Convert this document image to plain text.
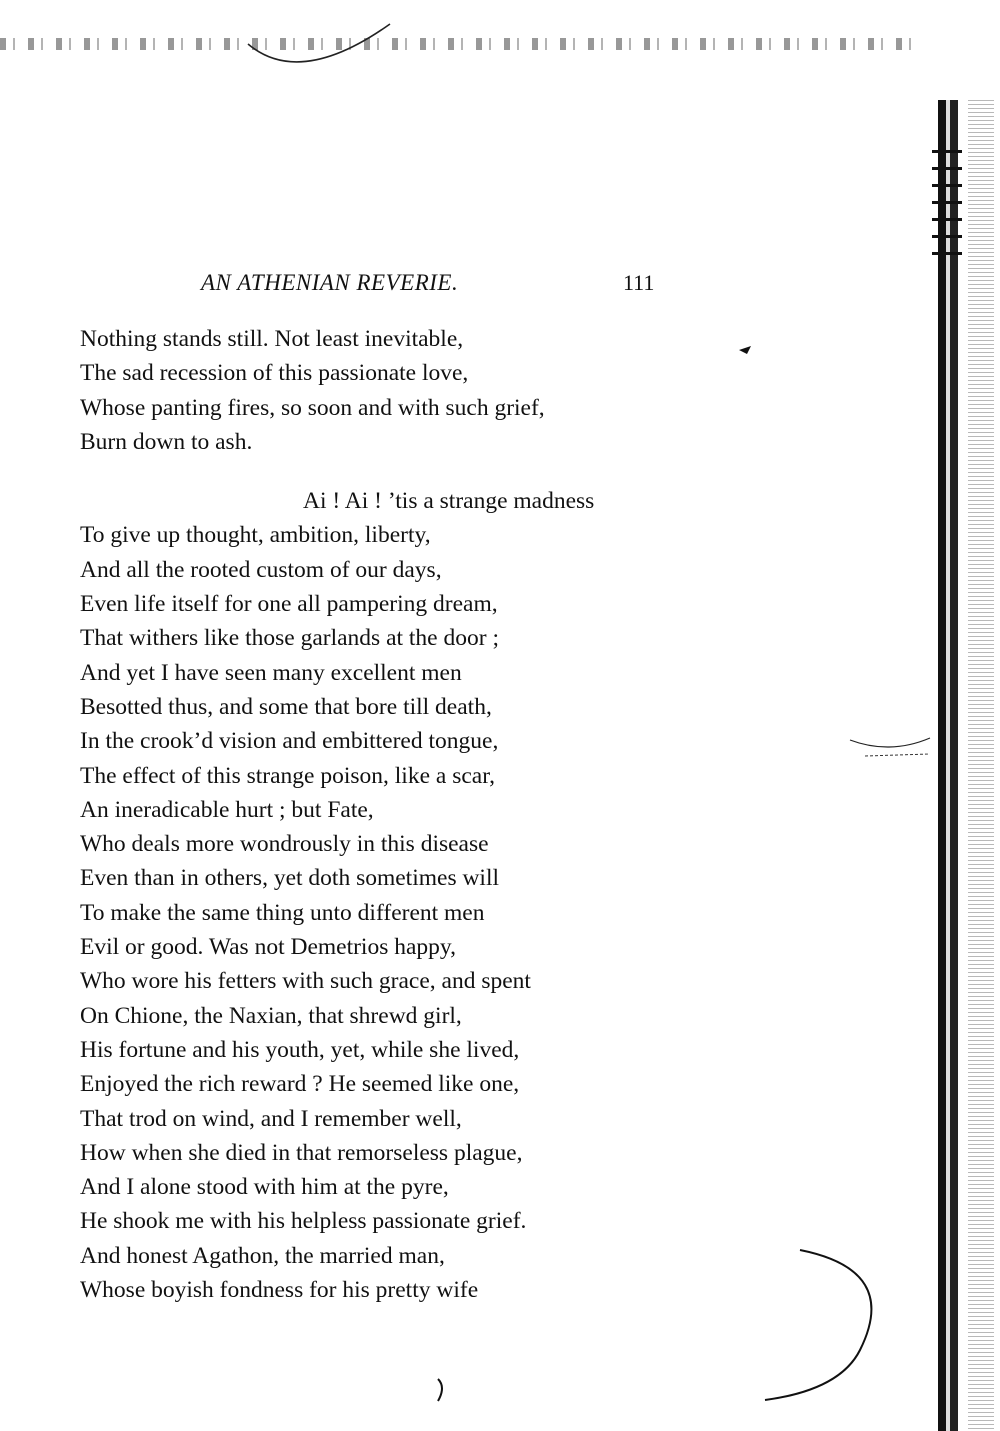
AN ATHENIAN REVERIE.	111
Nothing stands still. Not least inevitable,
The sad recession of this passionate love,
Whose panting fires, so soon and with such grief,
Burn down to ash.
Ai ! Ai ! ’tis a strange madness
To give up thought, ambition, liberty,
And all the rooted custom of our days,
Even life itself for one all pampering dream,
That withers like those garlands at the door ;
And yet I have seen many excellent men
Besotted thus, and some that bore till death,
In the crook’d vision and embittered tongue,
The effect of this strange poison, like a scar,
An ineradicable hurt ; but Fate,
Who deals more wondrously in this disease
Even than in others, yet doth sometimes will
To make the same thing unto different men
Evil or good. Was not Demetrios happy,
Who wore his fetters with such grace, and spent
On Chione, the Naxian, that shrewd girl,
His fortune and his youth, yet, while she lived,
Enjoyed the rich reward ? He seemed like one,
That trod on wind, and I remember well,
How when she died in that remorseless plague,
And I alone stood with him at the pyre,
He shook me with his helpless passionate grief.
And honest Agathon, the married man,
Whose boyish fondness for his pretty wife
